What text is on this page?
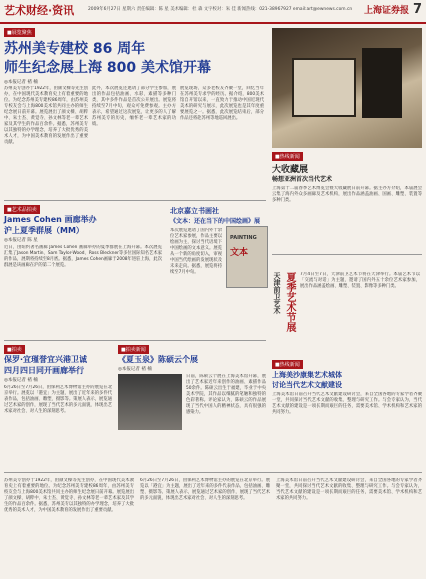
艺术财经·资讯	2009年6月27日 星期六 责任编辑：陈 星 美术编辑：杜 森 文字校对：朱 佳 新闻热线：021-38967927 email:art@ewnews.com.cn 上海证券报 7
■展览聚焦
苏州美专建校 86 周年
师生纪念展上海 800 美术馆开幕
◎本报记者 褚 楠
苏州美专创办于1922年，由颜文樑等先生创办，在中国现代美术教育史上有着重要的地位。为纪念苏州美专建校86周年，由苏州美专校友会与上海800美术馆共同主办的师生纪念展日前开幕。展览展出了颜文樑、胡粹中、朱士杰、黄觉寺、孙文林等老一辈艺术家及其学生的作品百余件。据悉，苏州美专以其独特的办学理念，培养了大批优秀的美术人才，为中国美术教育的发展作出了重要贡献。
此外，本次展览还邀请了部分学生参加，展出的作品包括油画、水彩、素描等多种门类，其中多件作品是首次公开展出。展览将持续至7月中旬，观众可免费参观。主办方表示，希望通过这次展览，让更多的人了解苏州美专的历史，缅怀老一辈艺术家的功绩。
展览现场，众多老校友齐聚一堂，回忆当年在苏州美专求学的经历。据介绍，800美术馆自开馆以来，一直致力于推动中国近现代美术的研究与展示，此次展览也是其年度重要展览之一。据悉，此次展览结束后，部分作品还将赴苏州等地巡回展出。
■热线新闻
大收藏展
畅想亚洲首次当代艺术
上海第十二届春季艺术博览会暨大收藏展日前开幕。据主办方介绍，本届展会云集了海内外众多画廊及艺术机构，展出作品涵盖油画、国画、雕塑、装置等多种门类。
■艺术品拍卖
James Cohen 画廊举办
沪上夏季群展（MM）
◎本报记者 陈 星
近日，由纽约著名画廊 James Cohen 画廊举办的夏季群展在上海开幕。本次展览汇集了Jason Martin、Sam Taylor-Wood、Ross Bleckner等多位国际知名艺术家的作品，展期将持续至8月底。据悉，James Cohen画廊于2008年进驻上海，此次群展是该画廊在沪的第二个展览。
北京嘉立书画社
《文本：还在当下的中国绘画》展
本次展览邀请了国内外十余位艺术家参展，作品主要以绘画为主，探讨当代语境下中国绘画的文本意义。展览从一个新的角度切入，审视中国当代绘画的发展现状及未来走向。据悉，展览将持续至7月中旬。
PAINTING
文本
■拍卖
保罗·宜瑾誉宜兴港卫诚
四月四日同开画廊举行
◎本报记者 褚 楠
6月26日至7月26日，由保利艺术博物馆主办的展览在北京举行。展览以「港宜」为主题，展出了近年来的多件代表作品，包括油画、雕塑、摄影等。策展人表示，展览通过艺术家的创作，展现了当代艺术的多元面貌，体现出艺术家对社会、对人生的深刻思考。
■拍卖新闻
《夏玉泉》陈硕云个展
◎本报记者 褚 楠
日前，陈硕云个展在上海美术馆开幕，展出了艺术家近年来创作的油画、素描作品50余件。陈硕云出生于福建，毕业于中央美术学院，其作品以细腻的笔触和独特的色彩著称。评论家认为，陈硕云的作品展现了当代中国人的精神状态，具有很强的感染力。
夏季艺术节展
天津前卫艺术	7月4日至7日，天津前卫艺术节将在天津举行。本届艺术节以「交流与对话」为主题，邀请了国内外五十余位艺术家参加，展出作品涵盖绘画、雕塑、装置、影像等多种门类。
■热线新闻
上海美沙康集艺术城体
讨论当代艺术文献建设
上海美术馆日前召开当代艺术文献建设研讨会，来自全国各地的专家学者齐聚一堂，共同探讨当代艺术文献的收集、整理与研究工作。与会专家认为，当代艺术文献的建设是一项长期而艰巨的任务，需要美术馆、学术机构和艺术家的共同努力。
苏州美专创办于1922年，由颜文樑等先生创办，在中国现代美术教育史上有着重要的地位。为纪念苏州美专建校86周年，由苏州美专校友会与上海800美术馆共同主办的师生纪念展日前开幕。展览展出了颜文樑、胡粹中、朱士杰、黄觉寺、孙文林等老一辈艺术家及其学生的作品百余件。据悉，苏州美专以其独特的办学理念，培养了大批优秀的美术人才，为中国美术教育的发展作出了重要贡献。
6月26日至7月26日，由保利艺术博物馆主办的展览在北京举行。展览以「港宜」为主题，展出了近年来的多件代表作品，包括油画、雕塑、摄影等。策展人表示，展览通过艺术家的创作，展现了当代艺术的多元面貌，体现出艺术家对社会、对人生的深刻思考。
上海美术馆日前召开当代艺术文献建设研讨会，来自全国各地的专家学者齐聚一堂，共同探讨当代艺术文献的收集、整理与研究工作。与会专家认为，当代艺术文献的建设是一项长期而艰巨的任务，需要美术馆、学术机构和艺术家的共同努力。
